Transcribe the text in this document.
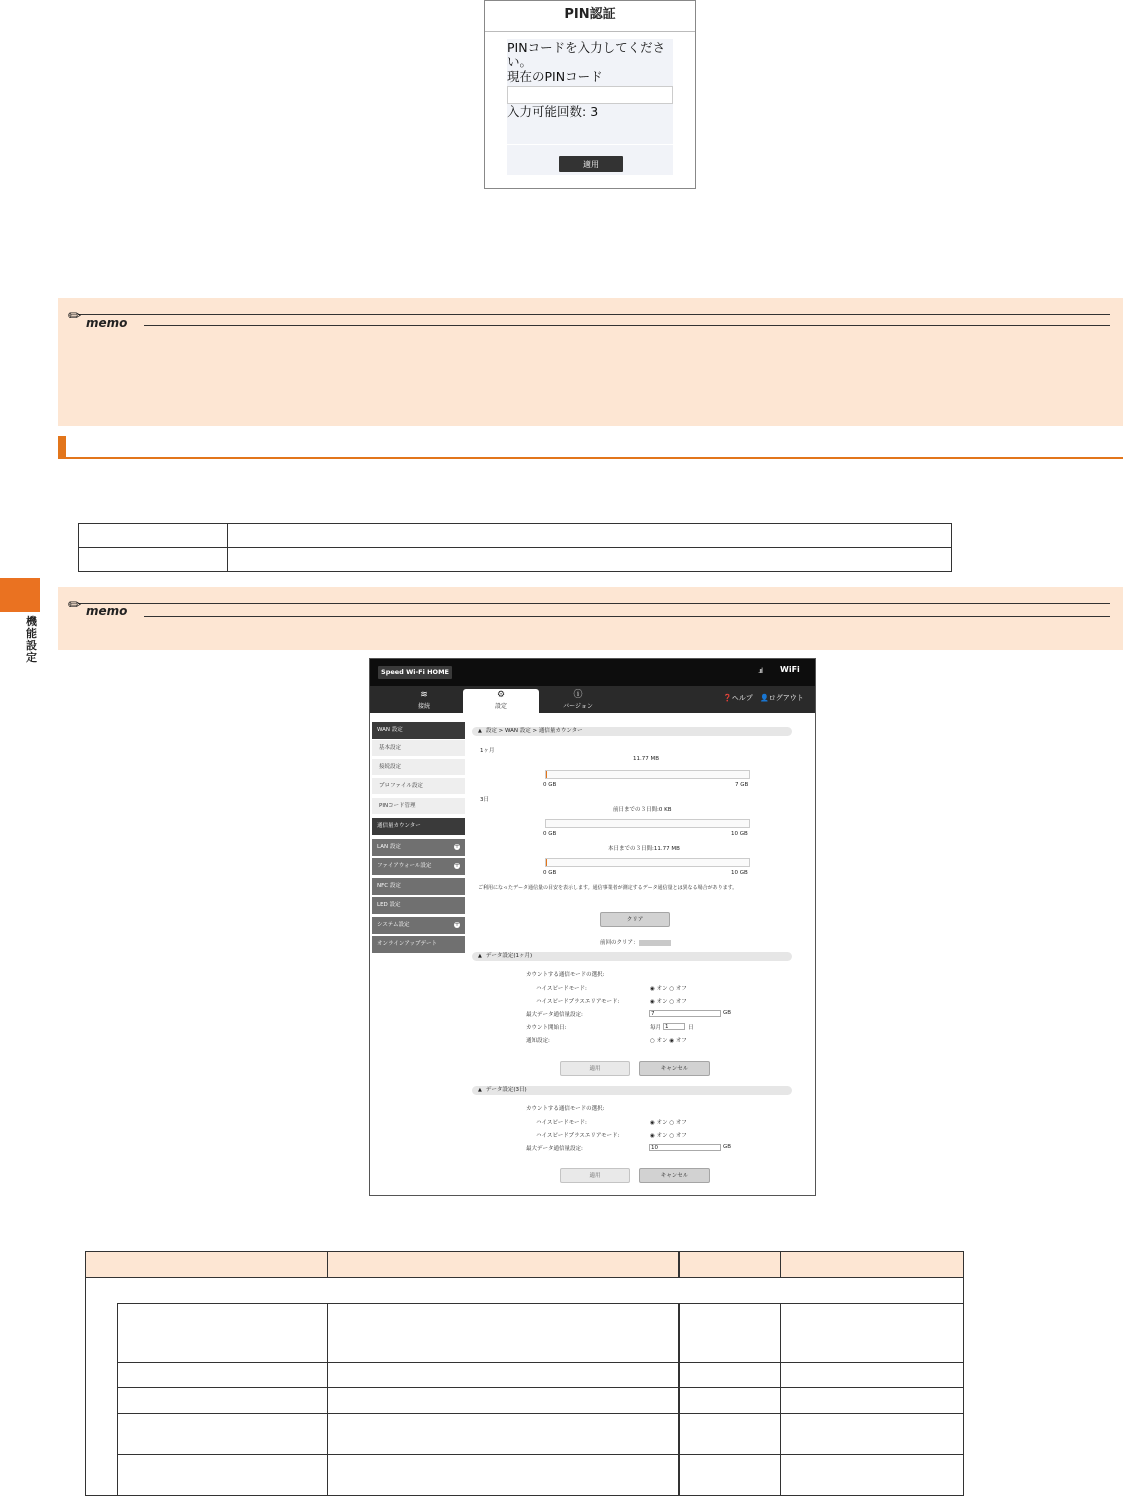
PIN認証
PINコードを入力してください。
現在のPINコード
入力可能回数: 3
適用
✏ memo

機能設定
✏ memo
Speed Wi-Fi HOME	.ııl WiFi
≋
接続
⚙
設定
ⓘ
バージョン
❓ヘルプ 👤ログアウト
WAN 設定
基本設定
接続設定
プロファイル設定
PINコード管理
通信量カウンター
LAN 設定	+
ファイアウォール設定	+
NFC 設定
LED 設定
システム設定	+
オンラインアップデート
▲ 設定 > WAN 設定 > 通信量カウンター
1ヶ月
11.77 MB
0 GB	7 GB
3日
前日までの３日間:0 KB
0 GB	10 GB
本日までの３日間:11.77 MB
0 GB	10 GB
ご利用になったデータ通信量の目安を表示します。通信事業者が測定するデータ通信量とは異なる場合があります。
クリア
前回のクリア：
▲ データ設定(1ヶ月)
カウントする通信モードの選択:
ハイスピードモード:	◉ オン ○ オフ
ハイスピードプラスエリアモード:	◉ オン ○ オフ
最大データ通信量設定:	7	GB
カウント開始日:	毎月 1	日
通知設定:	○ オン ◉ オフ
適用	キャンセル
▲ データ設定(3日)
カウントする通信モードの選択:
ハイスピードモード:	◉ オン ○ オフ
ハイスピードプラスエリアモード:	◉ オン ○ オフ
最大データ通信量設定:	10	GB
適用	キャンセル
